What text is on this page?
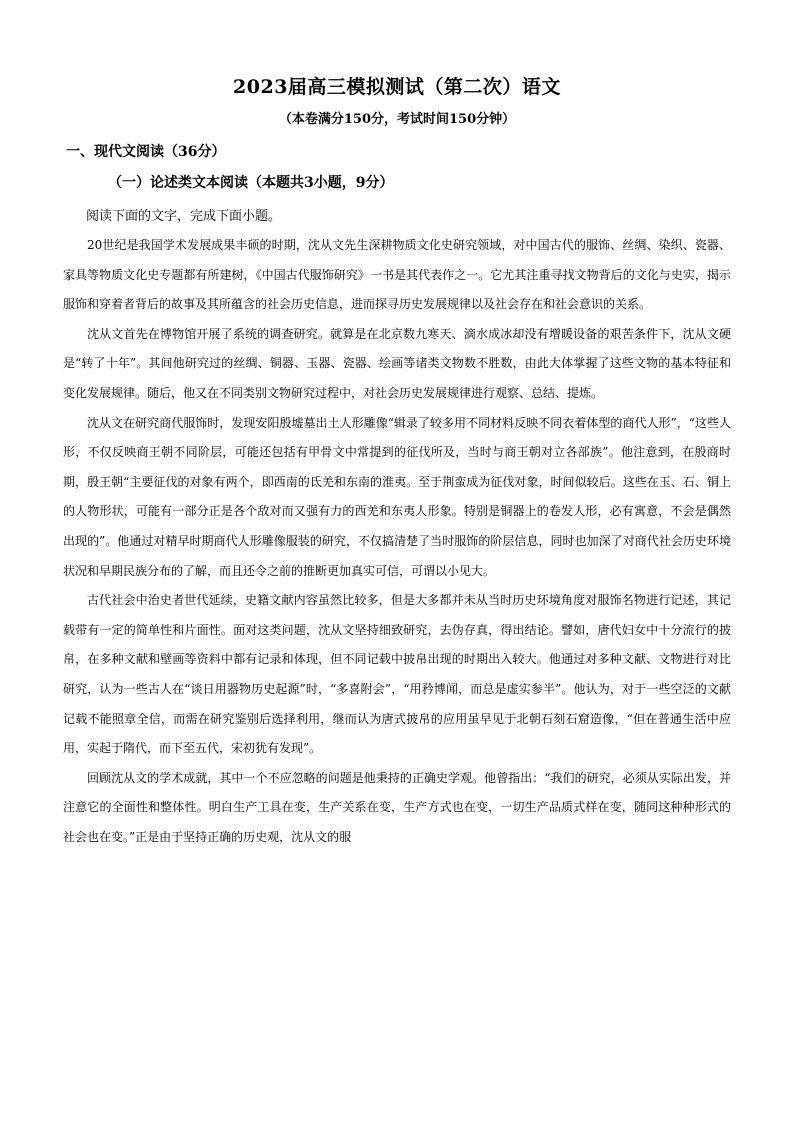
2023届高三模拟测试（第二次）语文
（本卷满分150分，考试时间150分钟）
一、现代文阅读（36分）
（一）论述类文本阅读（本题共3小题，9分）
阅读下面的文字，完成下面小题。

20世纪是我国学术发展成果丰硕的时期，沈从文先生深耕物质文化史研究领域，对中国古代的服饰、丝绸、染织、瓷器、家具等物质文化史专题都有所建树，《中国古代服饰研究》一书是其代表作之一。它尤其注重寻找文物背后的文化与史实，揭示服饰和穿着者背后的故事及其所蕴含的社会历史信息，进而探寻历史发展规律以及社会存在和社会意识的关系。

沈从文首先在博物馆开展了系统的调查研究。就算是在北京数九寒天、滴水成冰却没有增暖设备的艰苦条件下，沈从文硬是“转了十年”。其间他研究过的丝绸、铜器、玉器、瓷器、绘画等诸类文物数不胜数，由此大体掌握了这些文物的基本特征和变化发展规律。随后，他又在不同类别文物研究过程中，对社会历史发展规律进行观察、总结、提炼。

沈从文在研究商代服饰时，发现安阳殷墟墓出土人形雕像“辑录了较多用不同材料反映不同衣着体型的商代人形”，“这些人形，不仅反映商王朝不同阶层，可能还包括有甲骨文中常提到的征伐所及，当时与商王朝对立各部族”。他注意到，在殷商时期，殷王朝“主要征伐的对象有两个，即西南的氐羌和东南的淮夷。至于荆蛮成为征伐对象，时间似较后。这些在玉、石、铜上的人物形状，可能有一部分正是各个敌对而又强有力的西羌和东夷人形象。特别是铜器上的卷发人形，必有寓意，不会是偶然出现的”。他通过对精早时期商代人形雕像服装的研究，不仅搞清楚了当时服饰的阶层信息，同时也加深了对商代社会历史环境状况和早期民族分布的了解，而且还令之前的推断更加真实可信，可谓以小见大。

古代社会中治史者世代延续，史籍文献内容虽然比较多，但是大多都并未从当时历史环境角度对服饰名物进行记述，其记载带有一定的简单性和片面性。面对这类问题，沈从文坚持细致研究，去伪存真，得出结论。譬如，唐代妇女中十分流行的披帛，在多种文献和壁画等资料中都有记录和体现，但不同记载中披帛出现的时期出入较大。他通过对多种文献、文物进行对比研究，认为一些古人在“谈日用器物历史起源”时，“多喜附会”，“用矜博闻，而总是虚实参半”。他认为，对于一些空泛的文献记载不能照章全信，而需在研究鉴别后选择利用，继而认为唐式披帛的应用虽早见于北朝石刻石窟造像，“但在普通生活中应用，实起于隋代，而下至五代，宋初犹有发现”。

回顾沈从文的学术成就，其中一个不应忽略的问题是他秉持的正确史学观。他曾指出：“我们的研究，必须从实际出发，并注意它的全面性和整体性。明白生产工具在变，生产关系在变，生产方式也在变，一切生产品质式样在变，随同这种种形式的社会也在变。”正是由于坚持正确的历史观，沈从文的服
